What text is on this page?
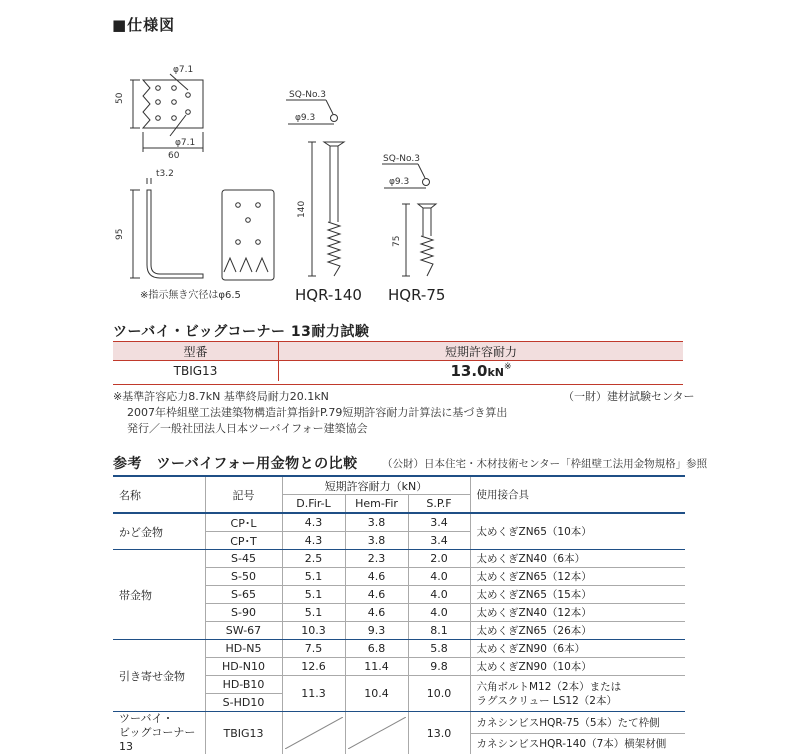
■仕様図
50
60
φ7.1
φ7.1
95
t3.2
※指示無き穴径はφ6.5
SQ-No.3
φ9.3
140
HQR-140
SQ-No.3
φ9.3
75
HQR-75
ツーバイ・ビッグコーナー 13耐力試験
型番	短期許容耐力
TBIG13	13.0kN※
※基準許容応力8.7kN 基準終局耐力20.1kN	（一財）建材試験センター
2007年枠組壁工法建築物構造計算指針P.79短期許容耐力計算法に基づき算出
発行／一般社団法人日本ツーバイフォー建築協会
参考　ツーバイフォー用金物との比較 （公財）日本住宅・木材技術センター「枠組壁工法用金物規格」参照
名称	記号	短期許容耐力（kN）			使用接合具
		D.Fir-L	Hem-Fir	S.P.F	
かど金物	CP･L	4.3	3.8	3.4	太めくぎZN65（10本）
	CP･T	4.3	3.8	3.4	
帯金物	S-45	2.5	2.3	2.0	太めくぎZN40（6本）
	S-50	5.1	4.6	4.0	太めくぎZN65（12本）
	S-65	5.1	4.6	4.0	太めくぎZN65（15本）
	S-90	5.1	4.6	4.0	太めくぎZN40（12本）
	SW-67	10.3	9.3	8.1	太めくぎZN65（26本）
引き寄せ金物	HD-N5	7.5	6.8	5.8	太めくぎZN90（6本）
	HD-N10	12.6	11.4	9.8	太めくぎZN90（10本）
	HD-B10	11.3	10.4	10.0	六角ボルトM12（2本）または
ラグスクリュー LS12（2本）

	S-HD10				

ツーバイ・
ビッグコーナー 13	TBIG13			13.0	カネシンビスHQR-75（5本）たて枠側
					カネシンビスHQR-140（7本）横架材側
